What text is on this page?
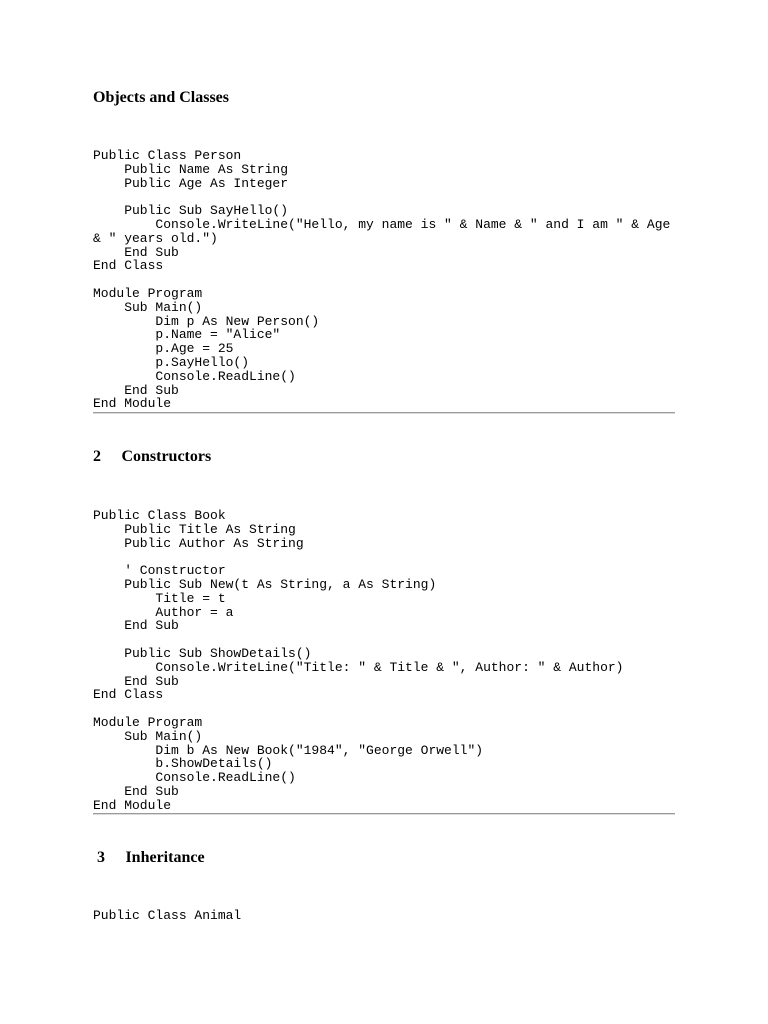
Objects and Classes
Public Class Person
Public Name As String
Public Age As Integer

Public Sub SayHello()
Console.WriteLine("Hello, my name is " & Name & " and I am " & Age
& " years old.")
End Sub
End Class

Module Program
Sub Main()
Dim p As New Person()
p.Name = "Alice"
p.Age = 25
p.SayHello()
Console.ReadLine()
End Sub
End Module
2⃣  Constructors
Public Class Book
Public Title As String
Public Author As String

' Constructor
Public Sub New(t As String, a As String)
Title = t
Author = a
End Sub

Public Sub ShowDetails()
Console.WriteLine("Title: " & Title & ", Author: " & Author)
End Sub
End Class

Module Program
Sub Main()
Dim b As New Book("1984", "George Orwell")
b.ShowDetails()
Console.ReadLine()
End Sub
End Module
3⃣  Inheritance
Public Class Animal
